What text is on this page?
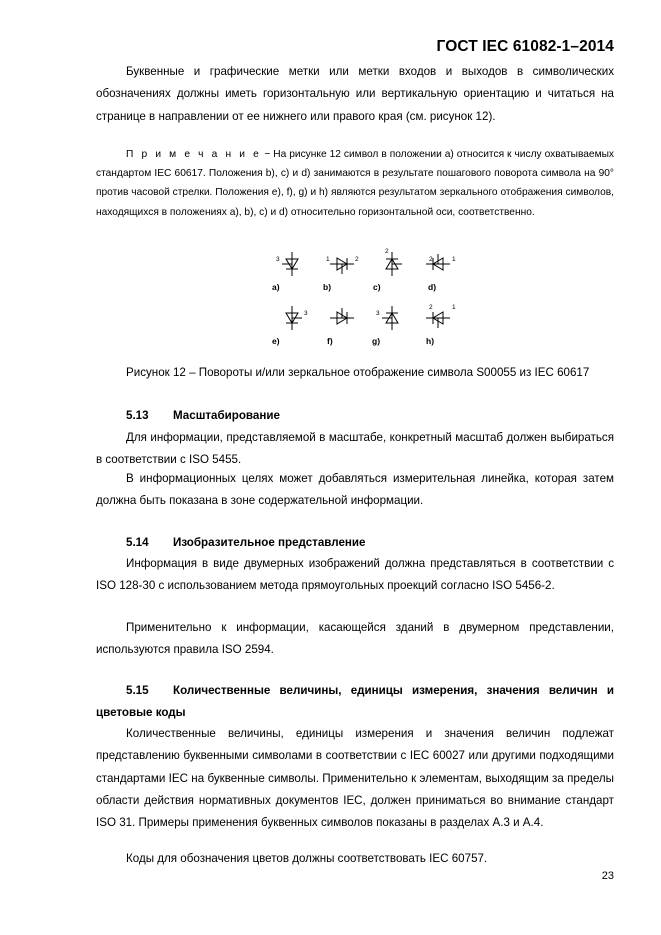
ГОСТ IEC 61082-1–2014

Буквенные и графические метки или метки входов и выходов в символических обозначениях должны иметь горизонтальную или вертикальную ориентацию и читаться на странице в направлении от ее нижнего или правого края (см. рисунок 12).

П р и м е ч а н и е − На рисунке 12 символ в положении а) относится к числу охватываемых стандартом IEC 60617. Положения b), с) и d) занимаются в результате пошагового поворота символа на 90° против часовой стрелки. Положения е), f), g) и h) являются результатом зеркального отображения символов, находящихся в положениях а), b), с) и d) относительно горизонтальной оси, соответственно.

3	1	2
2
2	1
3	3
2	1
a)	b)	c)	d)
e)	f)	g)	h)
Рисунок 12 – Повороты и/или зеркальное отображение символа S00055 из IEC 60617
5.13 Масштабирование

Для информации, представляемой в масштабе, конкретный масштаб должен выбираться в соответствии с ISO 5455.

В информационных целях может добавляться измерительная линейка, которая затем должна быть показана в зоне содержательной информации.

5.14 Изобразительное представление

Информация в виде двумерных изображений должна представляться в соответствии с ISO 128-30 с использованием метода прямоугольных проекций согласно ISO 5456-2.

Применительно к информации, касающейся зданий в двумерном представлении, используются правила ISO 2594.

5.15 Количественные величины, единицы измерения, значения величин и цветовые коды

Количественные величины, единицы измерения и значения величин подлежат представлению буквенными символами в соответствии с IEC 60027 или другими подходящими стандартами IEC на буквенные символы. Применительно к элементам, выходящим за пределы области действия нормативных документов IEC, должен приниматься во внимание стандарт ISO 31. Примеры применения буквенных символов показаны в разделах А.3 и А.4.

Коды для обозначения цветов должны соответствовать IEC 60757.

23
